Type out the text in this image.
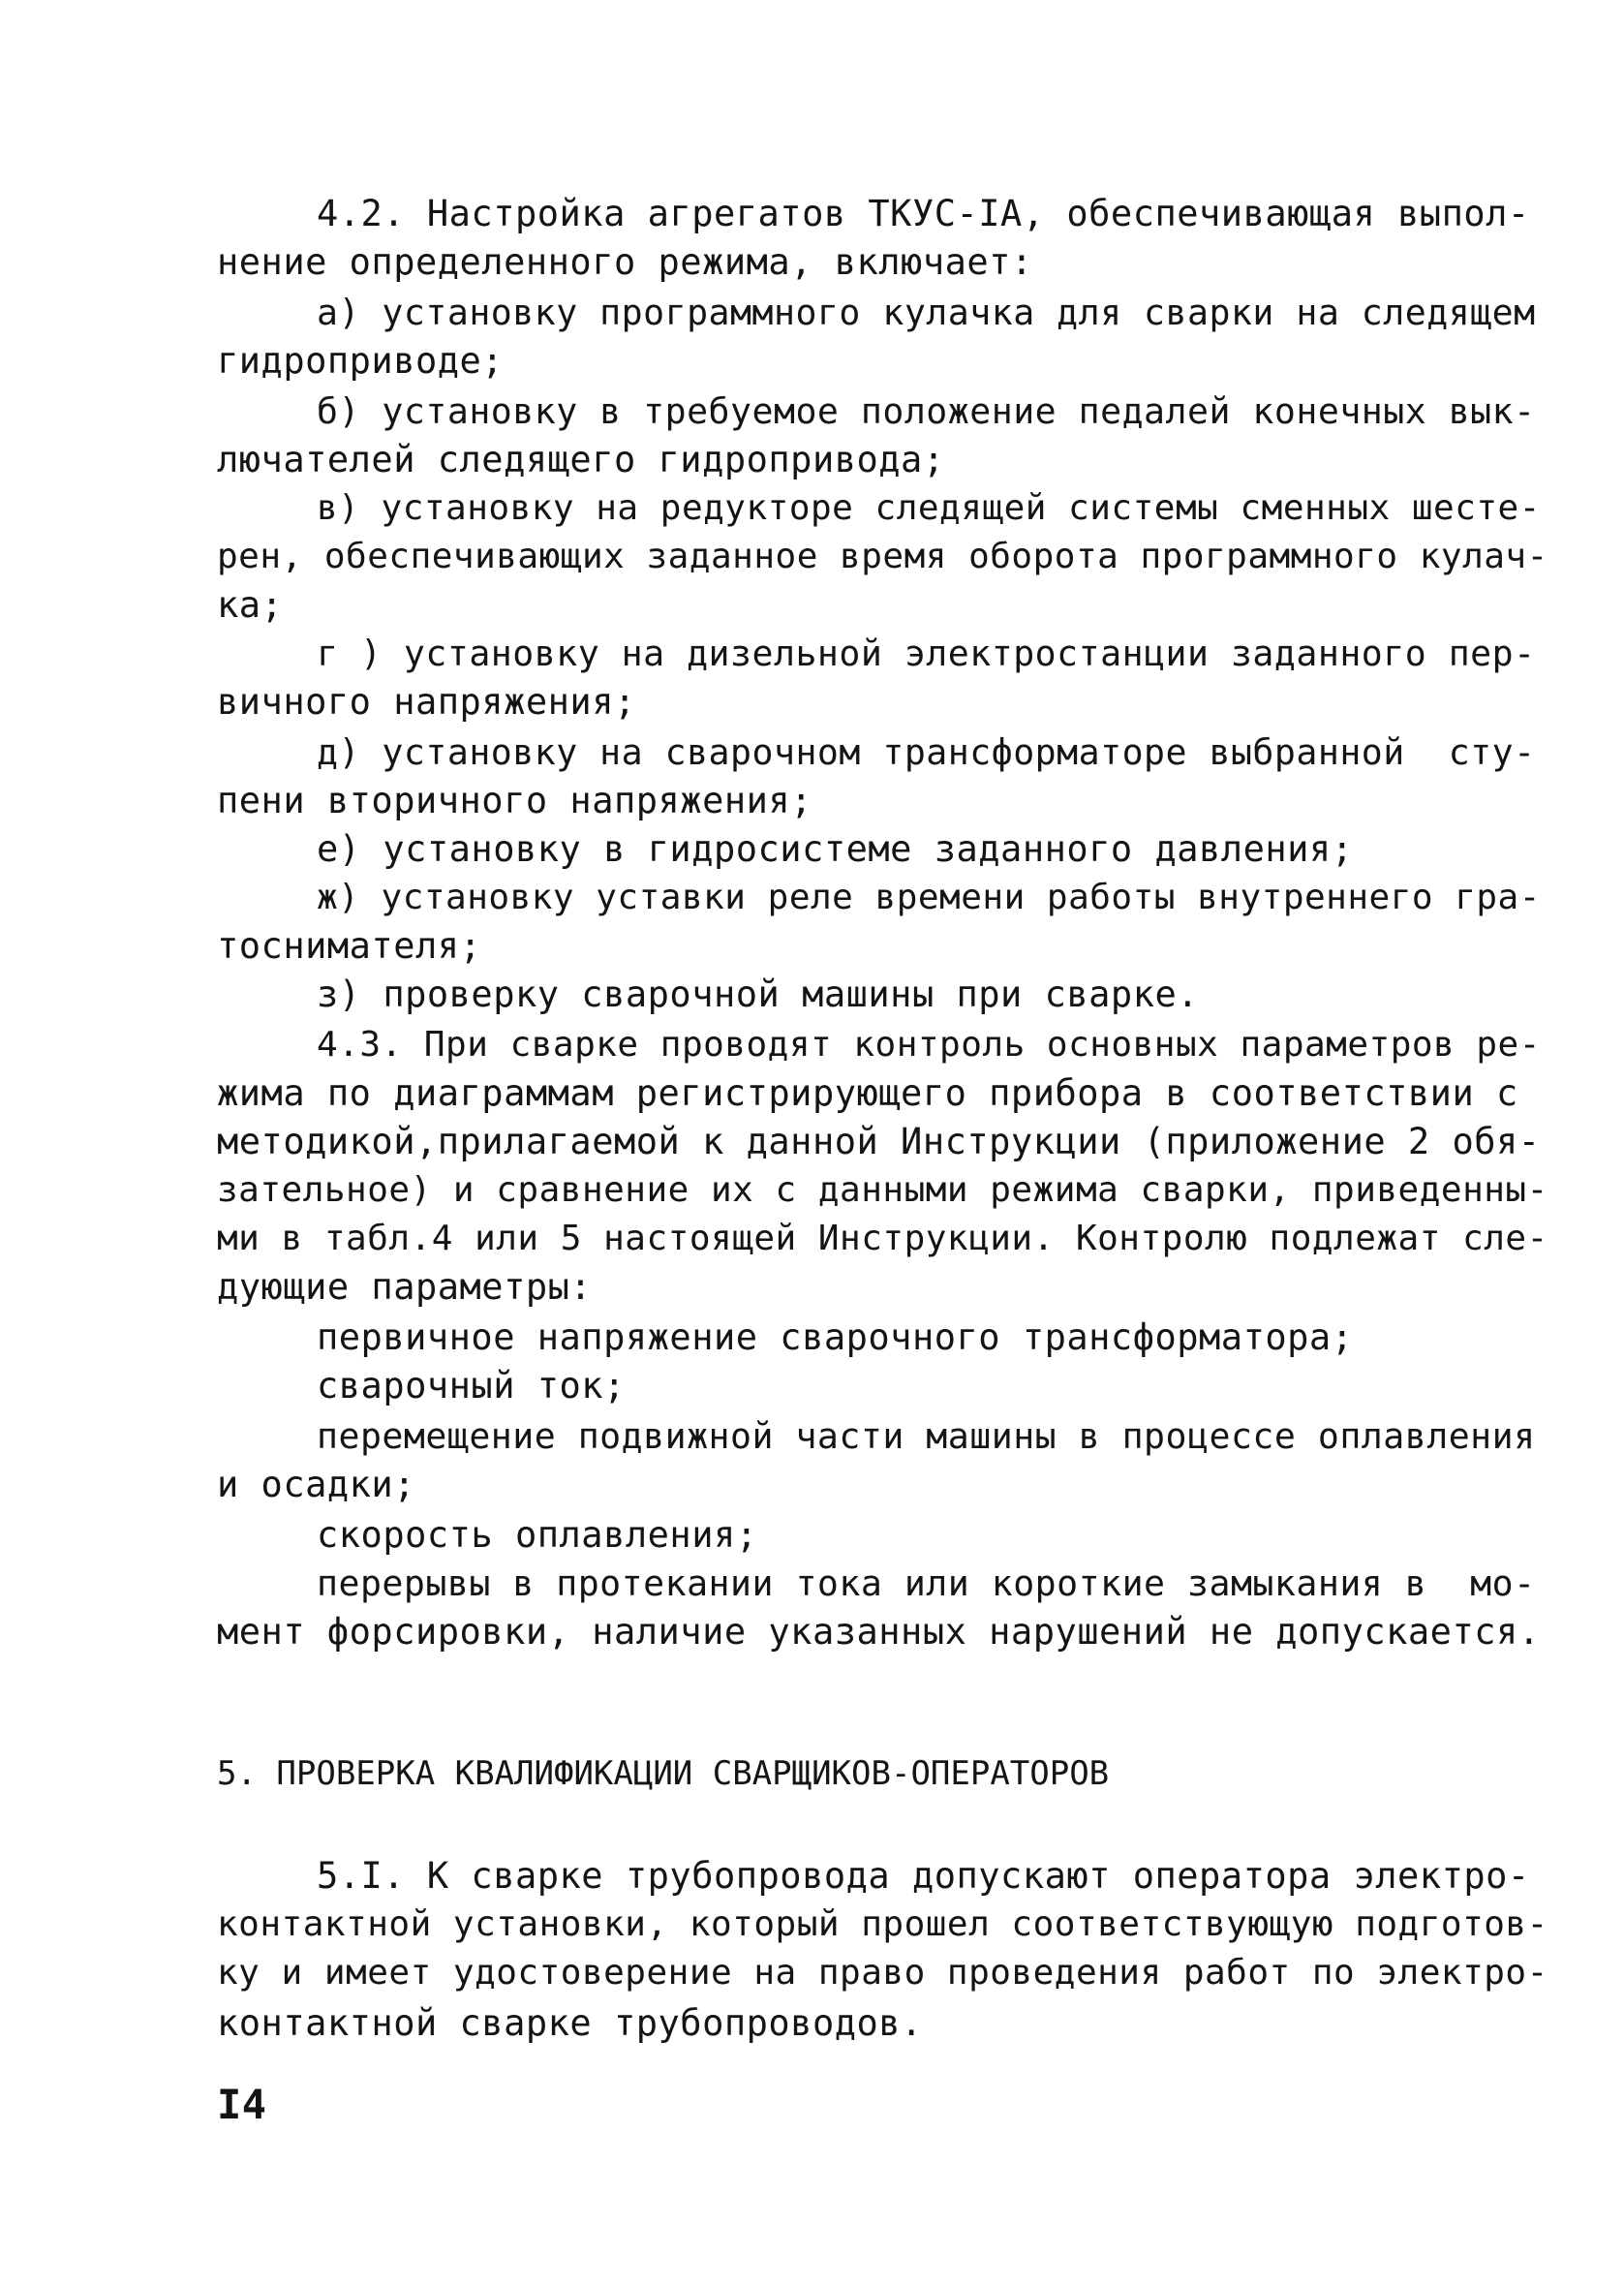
4.2. Настройка агрегатов ТКУС-IA, обеспечивающая выпол-
нение определенного режима, включает:
а) установку программного кулачка для сварки на следящем
гидроприводе;
б) установку в требуемое положение педалей конечных вык-
лючателей следящего гидропривода;
в) установку на редукторе следящей системы сменных шесте-
рен, обеспечивающих заданное время оборота программного кулач-
ка;
г ) установку на дизельной электростанции заданного пер-
вичного напряжения;
д) установку на сварочном трансформаторе выбранной  сту-
пени вторичного напряжения;
е) установку в гидросистеме заданного давления;
ж) установку уставки реле времени работы внутреннего гра-
тоснимателя;
з) проверку сварочной машины при сварке.
4.3. При сварке проводят контроль основных параметров ре-
жима по диаграммам регистрирующего прибора в соответствии с
методикой,прилагаемой к данной Инструкции (приложение 2 обя-
зательное) и сравнение их с данными режима сварки, приведенны-
ми в табл.4 или 5 настоящей Инструкции. Контролю подлежат сле-
дующие параметры:
первичное напряжение сварочного трансформатора;
сварочный ток;
перемещение подвижной части машины в процессе оплавления
и осадки;
скорость оплавления;
перерывы в протекании тока или короткие замыкания в  мо-
мент форсировки, наличие указанных нарушений не допускается.
5. ПРОВЕРКА КВАЛИФИКАЦИИ СВАРЩИКОВ-ОПЕРАТОРОВ
5.I. К сварке трубопровода допускают оператора электро-
контактной установки, который прошел соответствующую подготов-
ку и имеет удостоверение на право проведения работ по электро-
контактной сварке трубопроводов.
I4
